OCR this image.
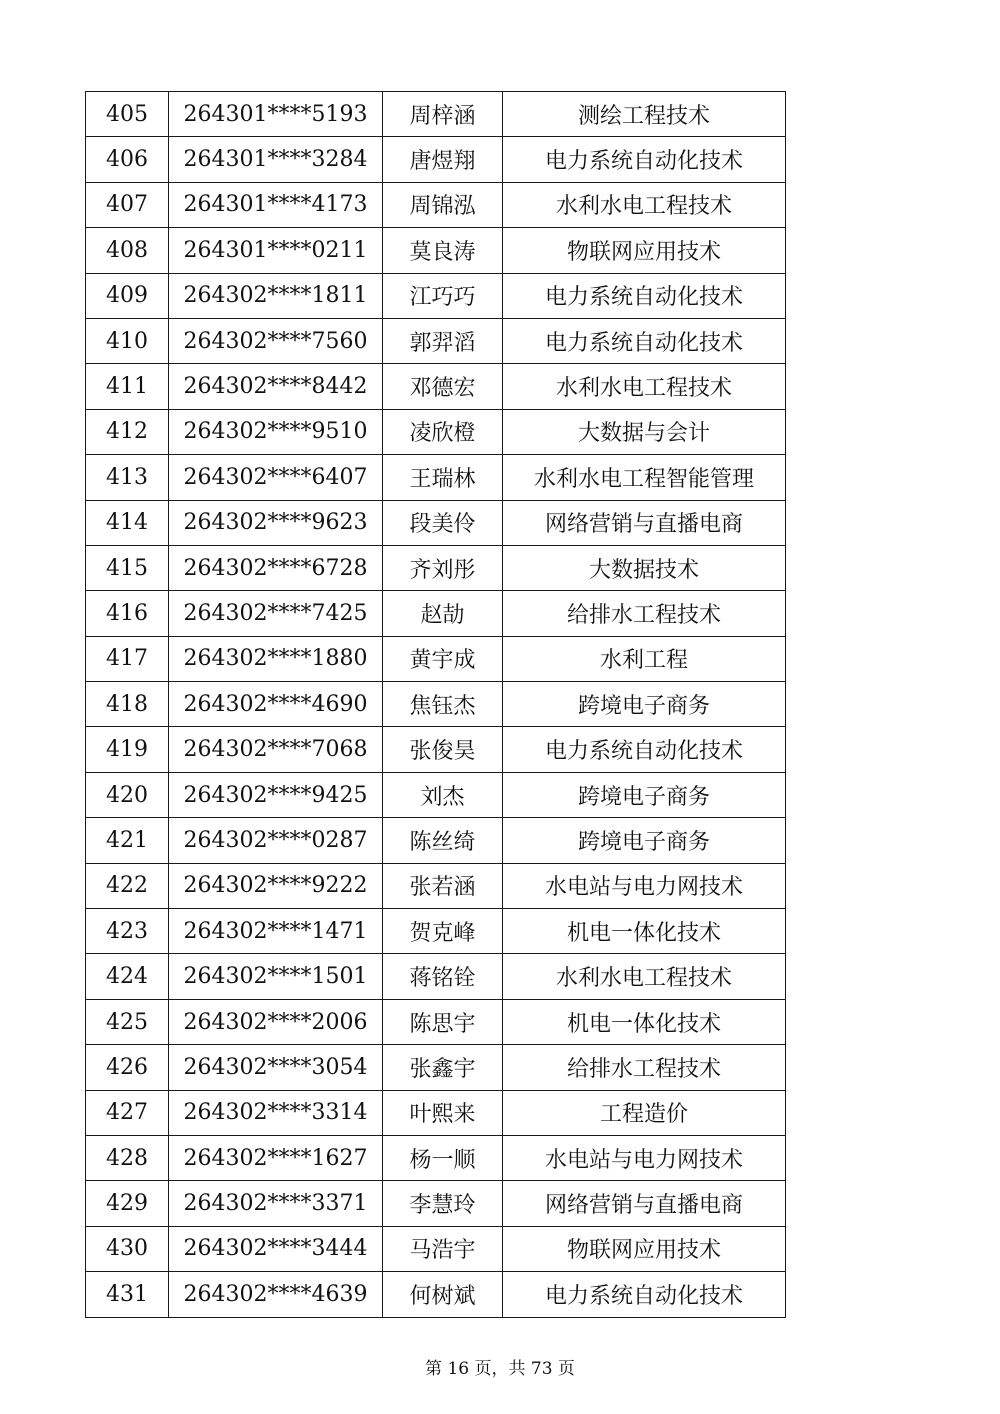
405	264301****5193	周梓涵	测绘工程技术
406	264301****3284	唐煜翔	电力系统自动化技术
407	264301****4173	周锦泓	水利水电工程技术
408	264301****0211	莫良涛	物联网应用技术
409	264302****1811	江巧巧	电力系统自动化技术
410	264302****7560	郭羿滔	电力系统自动化技术
411	264302****8442	邓德宏	水利水电工程技术
412	264302****9510	凌欣橙	大数据与会计
413	264302****6407	王瑞林	水利水电工程智能管理
414	264302****9623	段美伶	网络营销与直播电商
415	264302****6728	齐刘彤	大数据技术
416	264302****7425	赵劼	给排水工程技术
417	264302****1880	黄宇成	水利工程
418	264302****4690	焦钰杰	跨境电子商务
419	264302****7068	张俊昊	电力系统自动化技术
420	264302****9425	刘杰	跨境电子商务
421	264302****0287	陈丝绮	跨境电子商务
422	264302****9222	张若涵	水电站与电力网技术
423	264302****1471	贺克峰	机电一体化技术
424	264302****1501	蒋铭铨	水利水电工程技术
425	264302****2006	陈思宇	机电一体化技术
426	264302****3054	张鑫宇	给排水工程技术
427	264302****3314	叶熙来	工程造价
428	264302****1627	杨一顺	水电站与电力网技术
429	264302****3371	李慧玲	网络营销与直播电商
430	264302****3444	马浩宇	物联网应用技术
431	264302****4639	何树斌	电力系统自动化技术
第 16 页，共 73 页
